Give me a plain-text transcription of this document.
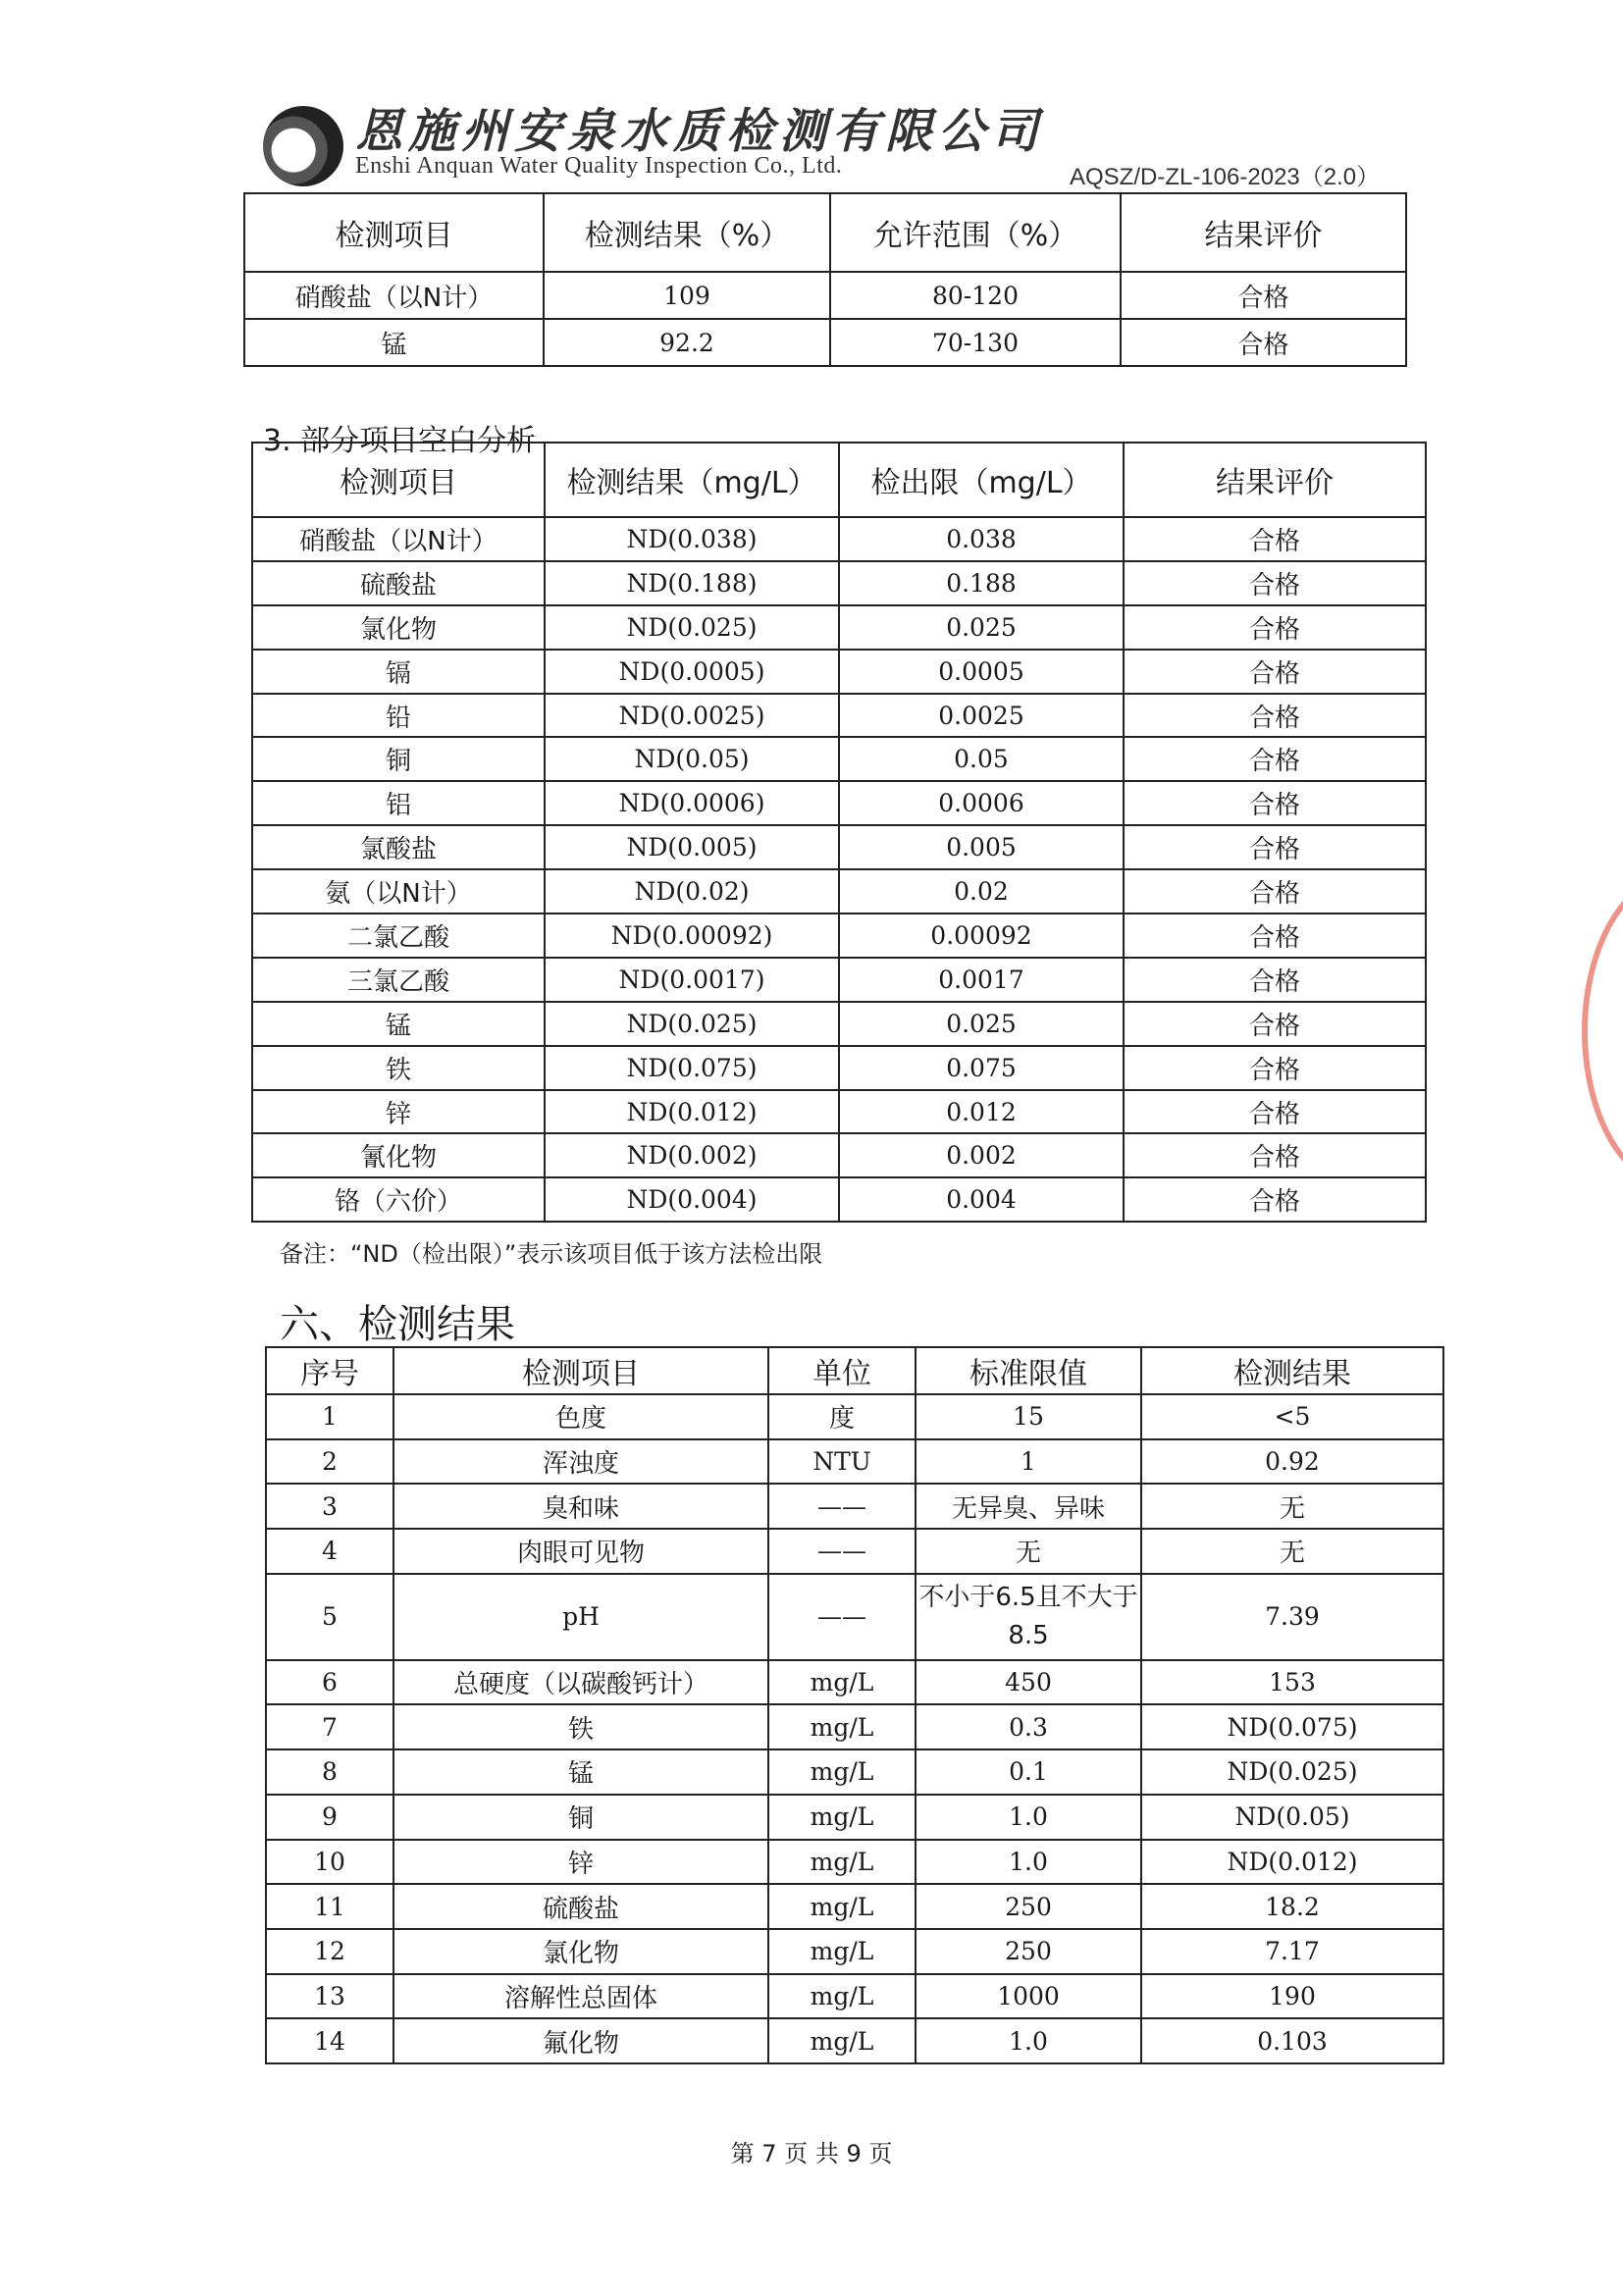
恩施州安泉水质检测有限公司
Enshi Anquan Water Quality Inspection Co., Ltd.	AQSZ/D-ZL-106-2023（2.0）
检测项目	检测结果（%）	允许范围（%）	结果评价
硝酸盐（以N计）	109	80-120	合格
锰	92.2	70-130	合格
3. 部分项目空白分析
检测项目	检测结果（mg/L）	检出限（mg/L）	结果评价
硝酸盐（以N计）	ND(0.038)	0.038	合格
硫酸盐	ND(0.188)	0.188	合格
氯化物	ND(0.025)	0.025	合格
镉	ND(0.0005)	0.0005	合格
铅	ND(0.0025)	0.0025	合格
铜	ND(0.05)	0.05	合格
铝	ND(0.0006)	0.0006	合格
氯酸盐	ND(0.005)	0.005	合格
氨（以N计）	ND(0.02)	0.02	合格
二氯乙酸	ND(0.00092)	0.00092	合格
三氯乙酸	ND(0.0017)	0.0017	合格
锰	ND(0.025)	0.025	合格
铁	ND(0.075)	0.075	合格
锌	ND(0.012)	0.012	合格
氰化物	ND(0.002)	0.002	合格
铬（六价）	ND(0.004)	0.004	合格
备注：“ND（检出限）”表示该项目低于该方法检出限
六、检测结果
序号	检测项目	单位	标准限值	检测结果
1	色度	度	15	<5
2	浑浊度	NTU	1	0.92
3	臭和味	——	无异臭、异味	无
4	肉眼可见物	——	无	无
5	pH	——	不小于6.5且不大于8.5	7.39
6	总硬度（以碳酸钙计）	mg/L	450	153
7	铁	mg/L	0.3	ND(0.075)
8	锰	mg/L	0.1	ND(0.025)
9	铜	mg/L	1.0	ND(0.05)
10	锌	mg/L	1.0	ND(0.012)
11	硫酸盐	mg/L	250	18.2
12	氯化物	mg/L	250	7.17
13	溶解性总固体	mg/L	1000	190
14	氟化物	mg/L	1.0	0.103
第 7 页 共 9 页
